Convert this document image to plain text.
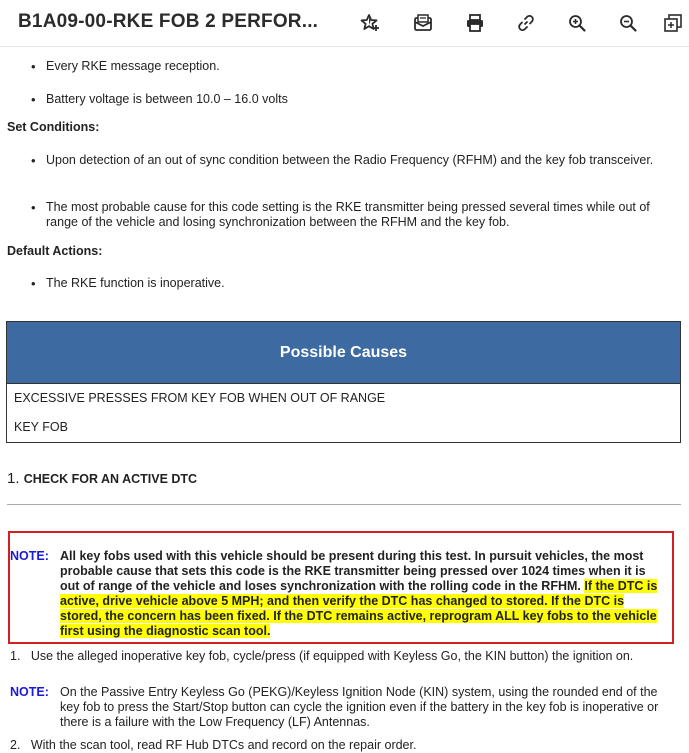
B1A09-00-RKE FOB 2 PERFOR...
• Every RKE message reception.
• Battery voltage is between 10.0 – 16.0 volts
Set Conditions:
• Upon detection of an out of sync condition between the Radio Frequency (RFHM) and the key fob transceiver.
• The most probable cause for this code setting is the RKE transmitter being pressed several times while out of range of the vehicle and losing synchronization between the RFHM and the key fob.
Default Actions:
• The RKE function is inoperative.
Possible Causes
EXCESSIVE PRESSES FROM KEY FOB WHEN OUT OF RANGE
KEY FOB
1. CHECK FOR AN ACTIVE DTC
NOTE: All key fobs used with this vehicle should be present during this test. In pursuit vehicles, the most probable cause that sets this code is the RKE transmitter being pressed over 1024 times when it is out of range of the vehicle and loses synchronization with the rolling code in the RFHM. If the DTC is active, drive vehicle above 5 MPH; and then verify the DTC has changed to stored. If the DTC is stored, the concern has been fixed. If the DTC remains active, reprogram ALL key fobs to the vehicle first using the diagnostic scan tool.
1. Use the alleged inoperative key fob, cycle/press (if equipped with Keyless Go, the KIN button) the ignition on.
NOTE: On the Passive Entry Keyless Go (PEKG)/Keyless Ignition Node (KIN) system, using the rounded end of the key fob to press the Start/Stop button can cycle the ignition even if the battery in the key fob is inoperative or there is a failure with the Low Frequency (LF) Antennas.
2. With the scan tool, read RF Hub DTCs and record on the repair order.
